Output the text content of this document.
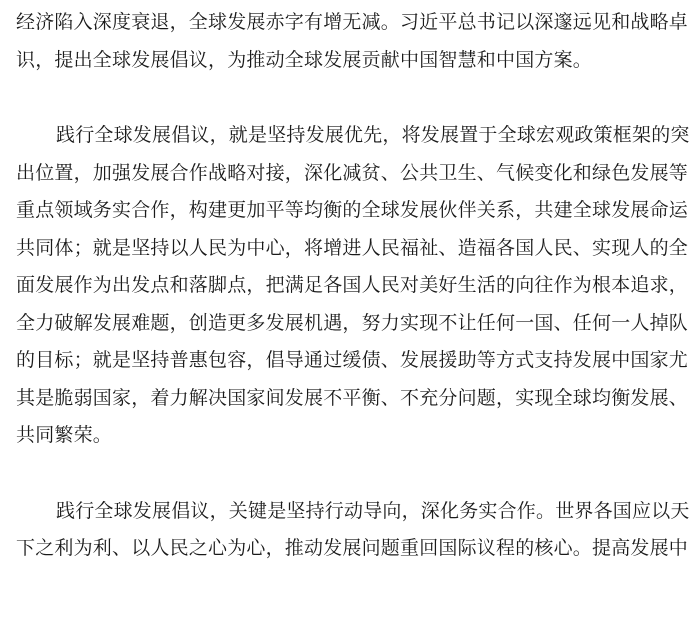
经济陷入深度衰退，全球发展赤字有增无减。习近平总书记以深邃远见和战略卓
识，提出全球发展倡议，为推动全球发展贡献中国智慧和中国方案。
践行全球发展倡议，就是坚持发展优先，将发展置于全球宏观政策框架的突
出位置，加强发展合作战略对接，深化减贫、公共卫生、气候变化和绿色发展等
重点领域务实合作，构建更加平等均衡的全球发展伙伴关系，共建全球发展命运
共同体；就是坚持以人民为中心，将增进人民福祉、造福各国人民、实现人的全
面发展作为出发点和落脚点，把满足各国人民对美好生活的向往作为根本追求，
全力破解发展难题，创造更多发展机遇，努力实现不让任何一国、任何一人掉队
的目标；就是坚持普惠包容，倡导通过缓债、发展援助等方式支持发展中国家尤
其是脆弱国家，着力解决国家间发展不平衡、不充分问题，实现全球均衡发展、
共同繁荣。
践行全球发展倡议，关键是坚持行动导向，深化务实合作。世界各国应以天
下之利为利、以人民之心为心，推动发展问题重回国际议程的核心。提高发展中
